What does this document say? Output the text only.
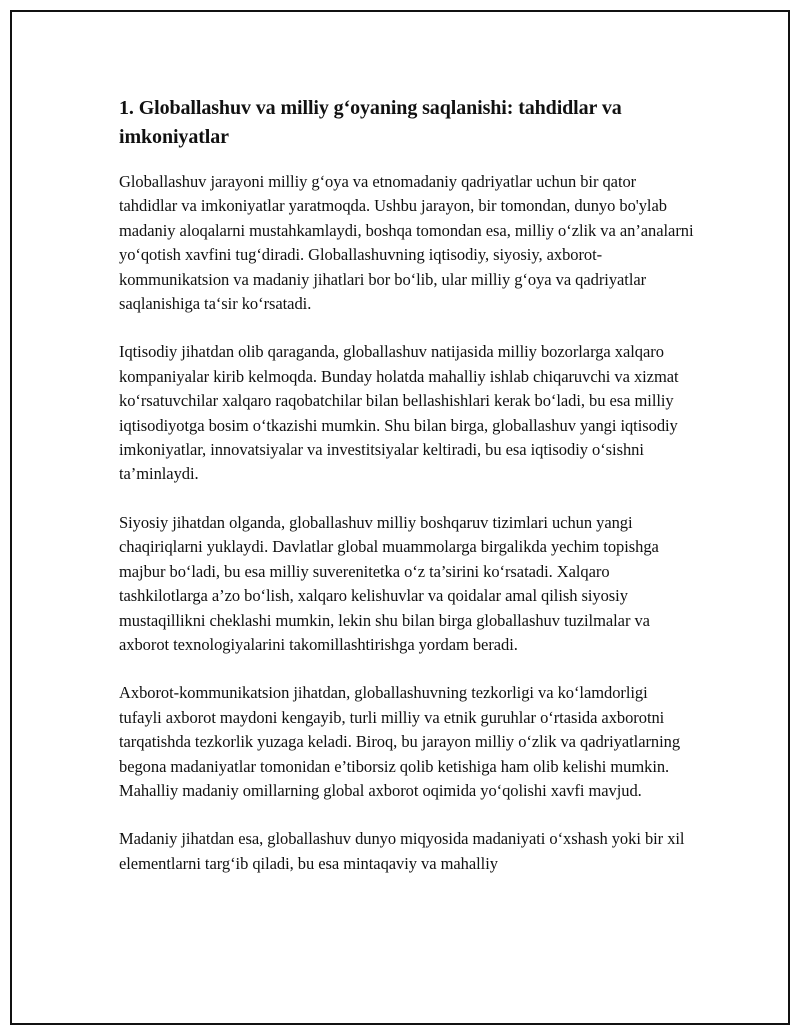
1. Globallashuv va milliy g‘oyaning saqlanishi: tahdidlar va imkoniyatlar

Globallashuv jarayoni milliy g‘oya va etnomadaniy qadriyatlar uchun bir qator tahdidlar va imkoniyatlar yaratmoqda. Ushbu jarayon, bir tomondan, dunyo bo'ylab madaniy aloqalarni mustahkamlaydi, boshqa tomondan esa, milliy o‘zlik va an’analarni yo‘qotish xavfini tug‘diradi. Globallashuvning iqtisodiy, siyosiy, axborot-kommunikatsion va madaniy jihatlari bor bo‘lib, ular milliy g‘oya va qadriyatlar saqlanishiga ta‘sir ko‘rsatadi.

Iqtisodiy jihatdan olib qaraganda, globallashuv natijasida milliy bozorlarga xalqaro kompaniyalar kirib kelmoqda. Bunday holatda mahalliy ishlab chiqaruvchi va xizmat ko‘rsatuvchilar xalqaro raqobatchilar bilan bellashishlari kerak bo‘ladi, bu esa milliy iqtisodiyotga bosim o‘tkazishi mumkin. Shu bilan birga, globallashuv yangi iqtisodiy imkoniyatlar, innovatsiyalar va investitsiyalar keltiradi, bu esa iqtisodiy o‘sishni ta’minlaydi.

Siyosiy jihatdan olganda, globallashuv milliy boshqaruv tizimlari uchun yangi chaqiriqlarni yuklaydi. Davlatlar global muammolarga birgalikda yechim topishga majbur bo‘ladi, bu esa milliy suverenitetka o‘z ta’sirini ko‘rsatadi. Xalqaro tashkilotlarga a’zo bo‘lish, xalqaro kelishuvlar va qoidalar amal qilish siyosiy mustaqillikni cheklashi mumkin, lekin shu bilan birga globallashuv tuzilmalar va axborot texnologiyalarini takomillashtirishga yordam beradi.

Axborot-kommunikatsion jihatdan, globallashuvning tezkorligi va ko‘lamdorligi tufayli axborot maydoni kengayib, turli milliy va etnik guruhlar o‘rtasida axborotni tarqatishda tezkorlik yuzaga keladi. Biroq, bu jarayon milliy o‘zlik va qadriyatlarning begona madaniyatlar tomonidan e’tiborsiz qolib ketishiga ham olib kelishi mumkin. Mahalliy madaniy omillarning global axborot oqimida yo‘qolishi xavfi mavjud.

Madaniy jihatdan esa, globallashuv dunyo miqyosida madaniyati o‘xshash yoki bir xil elementlarni targ‘ib qiladi, bu esa mintaqaviy va mahalliy
